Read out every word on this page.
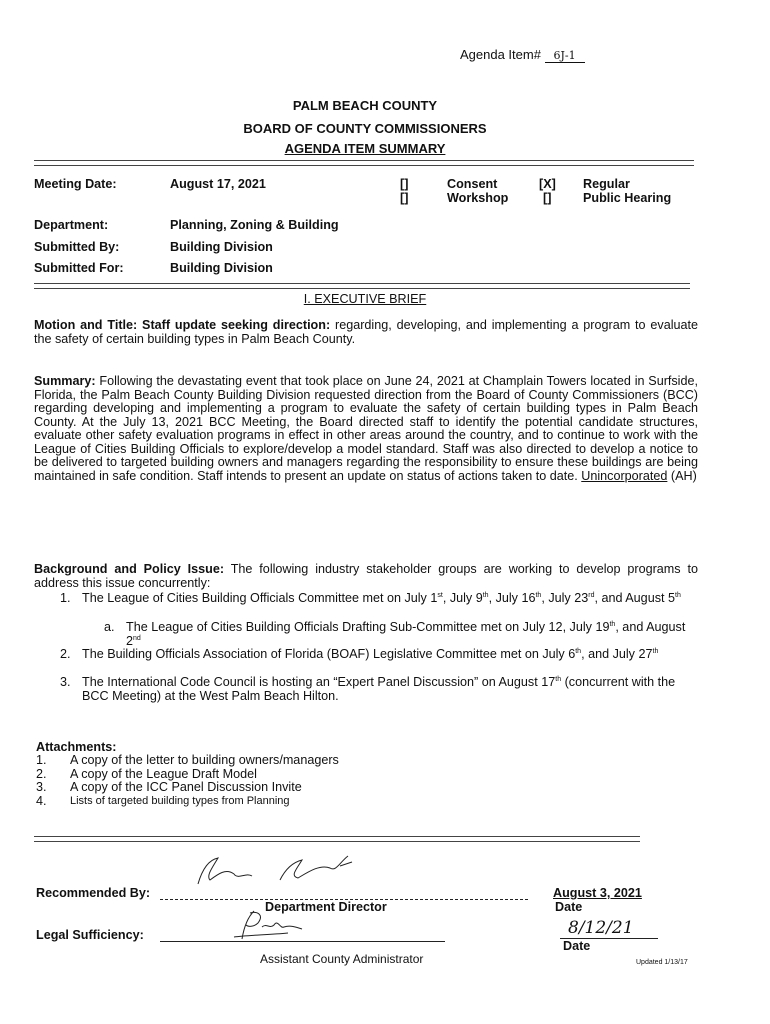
Agenda Item# 6J-1
PALM BEACH COUNTY
BOARD OF COUNTY COMMISSIONERS
AGENDA ITEM SUMMARY
Meeting Date:	August 17, 2021	[]	Consent	[X] Regular
[]	Workshop	[]	Public Hearing
Department:	Planning, Zoning & Building
Submitted By:	Building Division
Submitted For:	Building Division
I. EXECUTIVE BRIEF
Motion and Title: Staff update seeking direction: regarding, developing, and implementing a program to evaluate the safety of certain building types in Palm Beach County.
Summary: Following the devastating event that took place on June 24, 2021 at Champlain Towers located in Surfside, Florida, the Palm Beach County Building Division requested direction from the Board of County Commissioners (BCC) regarding developing and implementing a program to evaluate the safety of certain building types in Palm Beach County. At the July 13, 2021 BCC Meeting, the Board directed staff to identify the potential candidate structures, evaluate other safety evaluation programs in effect in other areas around the country, and to continue to work with the League of Cities Building Officials to explore/develop a model standard. Staff was also directed to develop a notice to be delivered to targeted building owners and managers regarding the responsibility to ensure these buildings are being maintained in safe condition. Staff intends to present an update on status of actions taken to date. Unincorporated (AH)
Background and Policy Issue: The following industry stakeholder groups are working to develop programs to address this issue concurrently:
1. The League of Cities Building Officials Committee met on July 1st, July 9th, July 16th, July 23rd, and August 5th
a. The League of Cities Building Officials Drafting Sub-Committee met on July 12, July 19th, and August 2nd
2. The Building Officials Association of Florida (BOAF) Legislative Committee met on July 6th, and July 27th
3. The International Code Council is hosting an “Expert Panel Discussion” on August 17th (concurrent with the BCC Meeting) at the West Palm Beach Hilton.
Attachments:
1. A copy of the letter to building owners/managers
2. A copy of the League Draft Model
3. A copy of the ICC Panel Discussion Invite
4. Lists of targeted building types from Planning
Recommended By:	August 3, 2021
Department Director	Date
Legal Sufficiency:	8/12/21
Date
Assistant County Administrator	Updated 1/13/17
